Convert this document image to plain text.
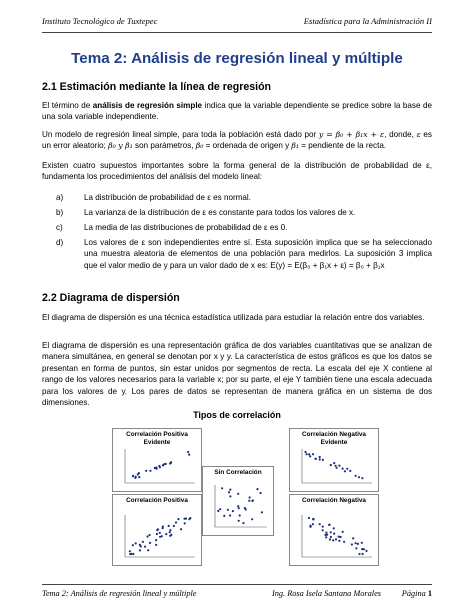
Instituto Tecnológico de Tuxtepec	Estadística para la Administración II
Tema 2: Análisis de regresión lineal y múltiple
2.1 Estimación mediante la línea de regresión
El término de análisis de regresión simple indica que la variable dependiente se predice sobre la base de una sola variable independiente.
Un modelo de regresión lineal simple, para toda la población está dado por y = β₀ + β₁x + ε, donde, ε es un error aleatorio; β₀ y β₁ son parámetros, β₀ = ordenada de origen y β₁ = pendiente de la recta.
Existen cuatro supuestos importantes sobre la forma general de la distribución de probabilidad de ε, fundamenta los procedimientos del análisis del modelo lineal:
a)	La distribución de probabilidad de ε es normal.
b)	La varianza de la distribución de ε es constante para todos los valores de x.
c)	La media de las distribuciones de probabilidad de ε es 0.
d)	Los valores de ε son independientes entre sí. Esta suposición implica que se ha seleccionado una muestra aleatoria de elementos de una población para medirlos. La suposición 3 implica que el valor medio de y para un valor dado de x es: E(y) = E(β₀ + β₁x + ε) = β₀ + β₁x
2.2 Diagrama de dispersión
El diagrama de dispersión es una técnica estadística utilizada para estudiar la relación entre dos variables.
El diagrama de dispersión es una representación gráfica de dos variables cuantitativas que se analizan de manera simultánea, en general se denotan por x y y. La característica de estos gráficos es que los datos se presentan en forma de puntos, sin estar unidos por segmentos de recta. La escala del eje X contiene al rango de los valores necesarios para la variable x; por su parte, el eje Y también tiene una escala adecuada para los valores de y. Los pares de datos se representan de manera gráfica en un sistema de dos dimensiones.
Tipos de correlación
Correlación Positiva Evidente
Sin Correlación
Correlación Negativa Evidente
Correlación Positiva	Correlación Negativa
Tema 2: Análisis de regresión lineal y múltiple	Ing. Rosa Isela Santana Morales	Página 1
